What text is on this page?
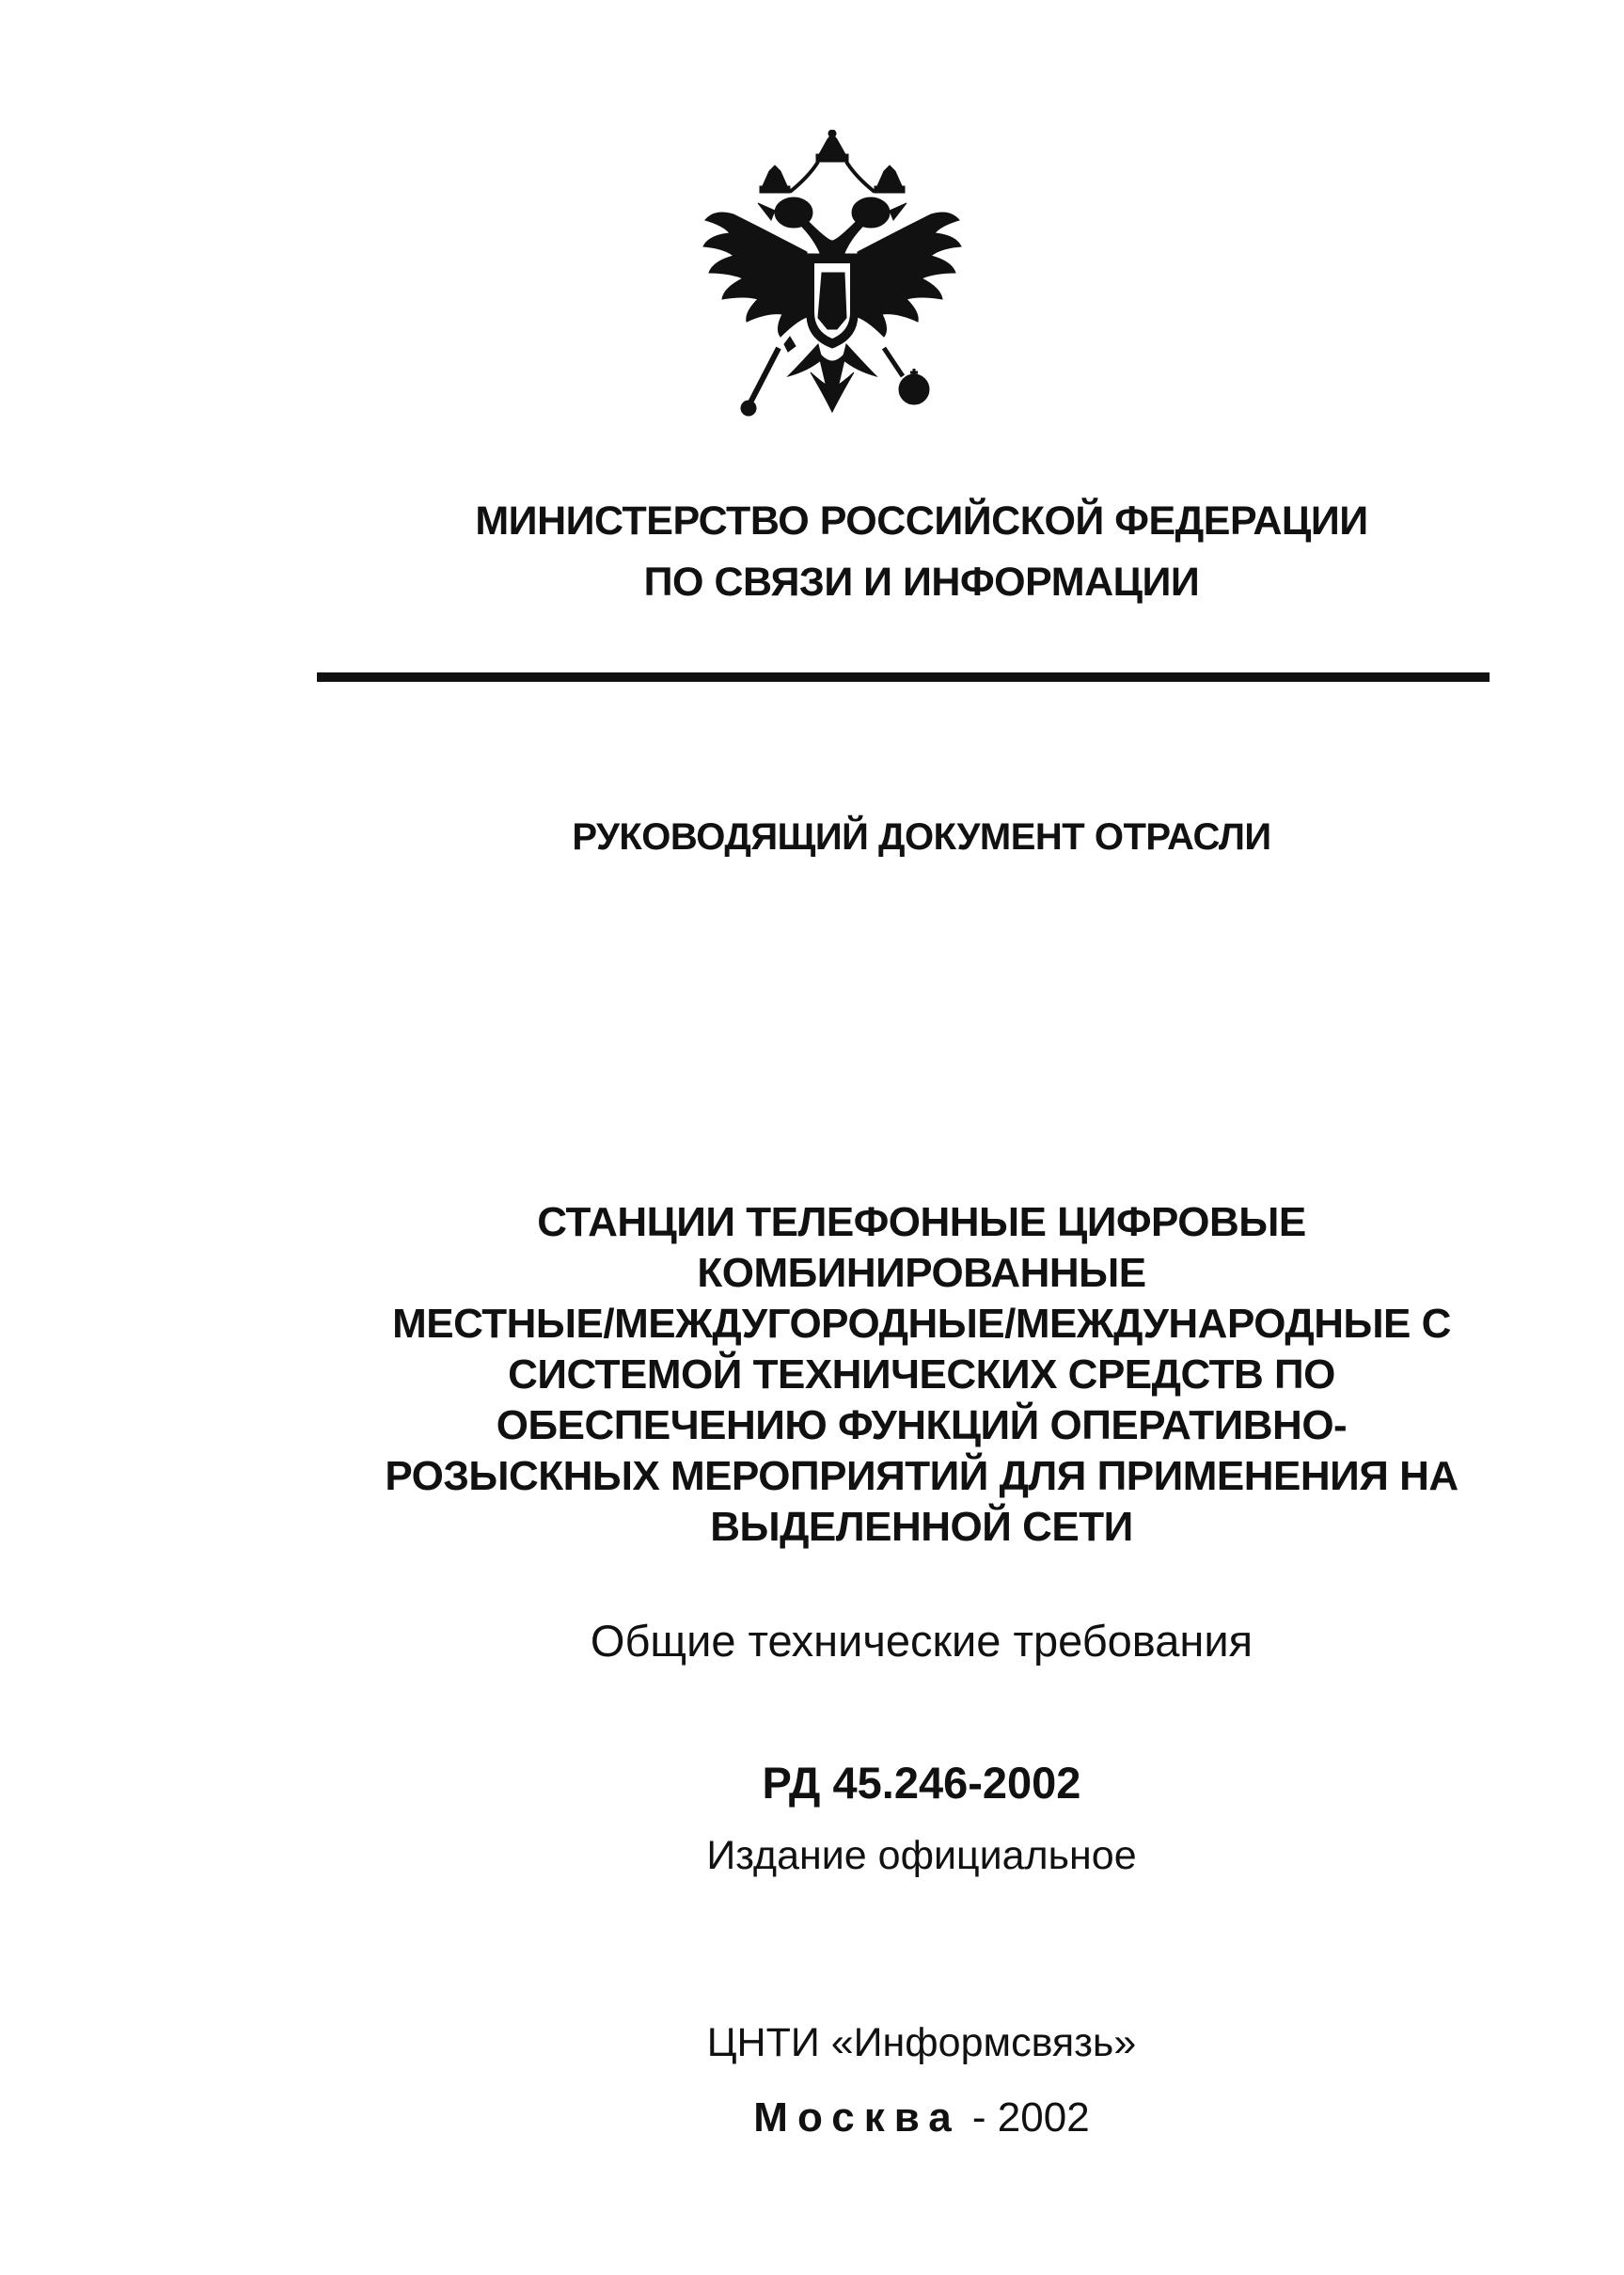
МИНИСТЕРСТВО РОССИЙСКОЙ ФЕДЕРАЦИИ
ПО СВЯЗИ И ИНФОРМАЦИИ
РУКОВОДЯЩИЙ ДОКУМЕНТ ОТРАСЛИ
СТАНЦИИ ТЕЛЕФОННЫЕ ЦИФРОВЫЕ
КОМБИНИРОВАННЫЕ
МЕСТНЫЕ/МЕЖДУГОРОДНЫЕ/МЕЖДУНАРОДНЫЕ С
СИСТЕМОЙ ТЕХНИЧЕСКИХ СРЕДСТВ ПО
ОБЕСПЕЧЕНИЮ ФУНКЦИЙ ОПЕРАТИВНО-
РОЗЫСКНЫХ МЕРОПРИЯТИЙ ДЛЯ ПРИМЕНЕНИЯ НА
ВЫДЕЛЕННОЙ СЕТИ
Общие технические требования
РД 45.246-2002
Издание официальное
ЦНТИ «Информсвязь»
Москва - 2002
